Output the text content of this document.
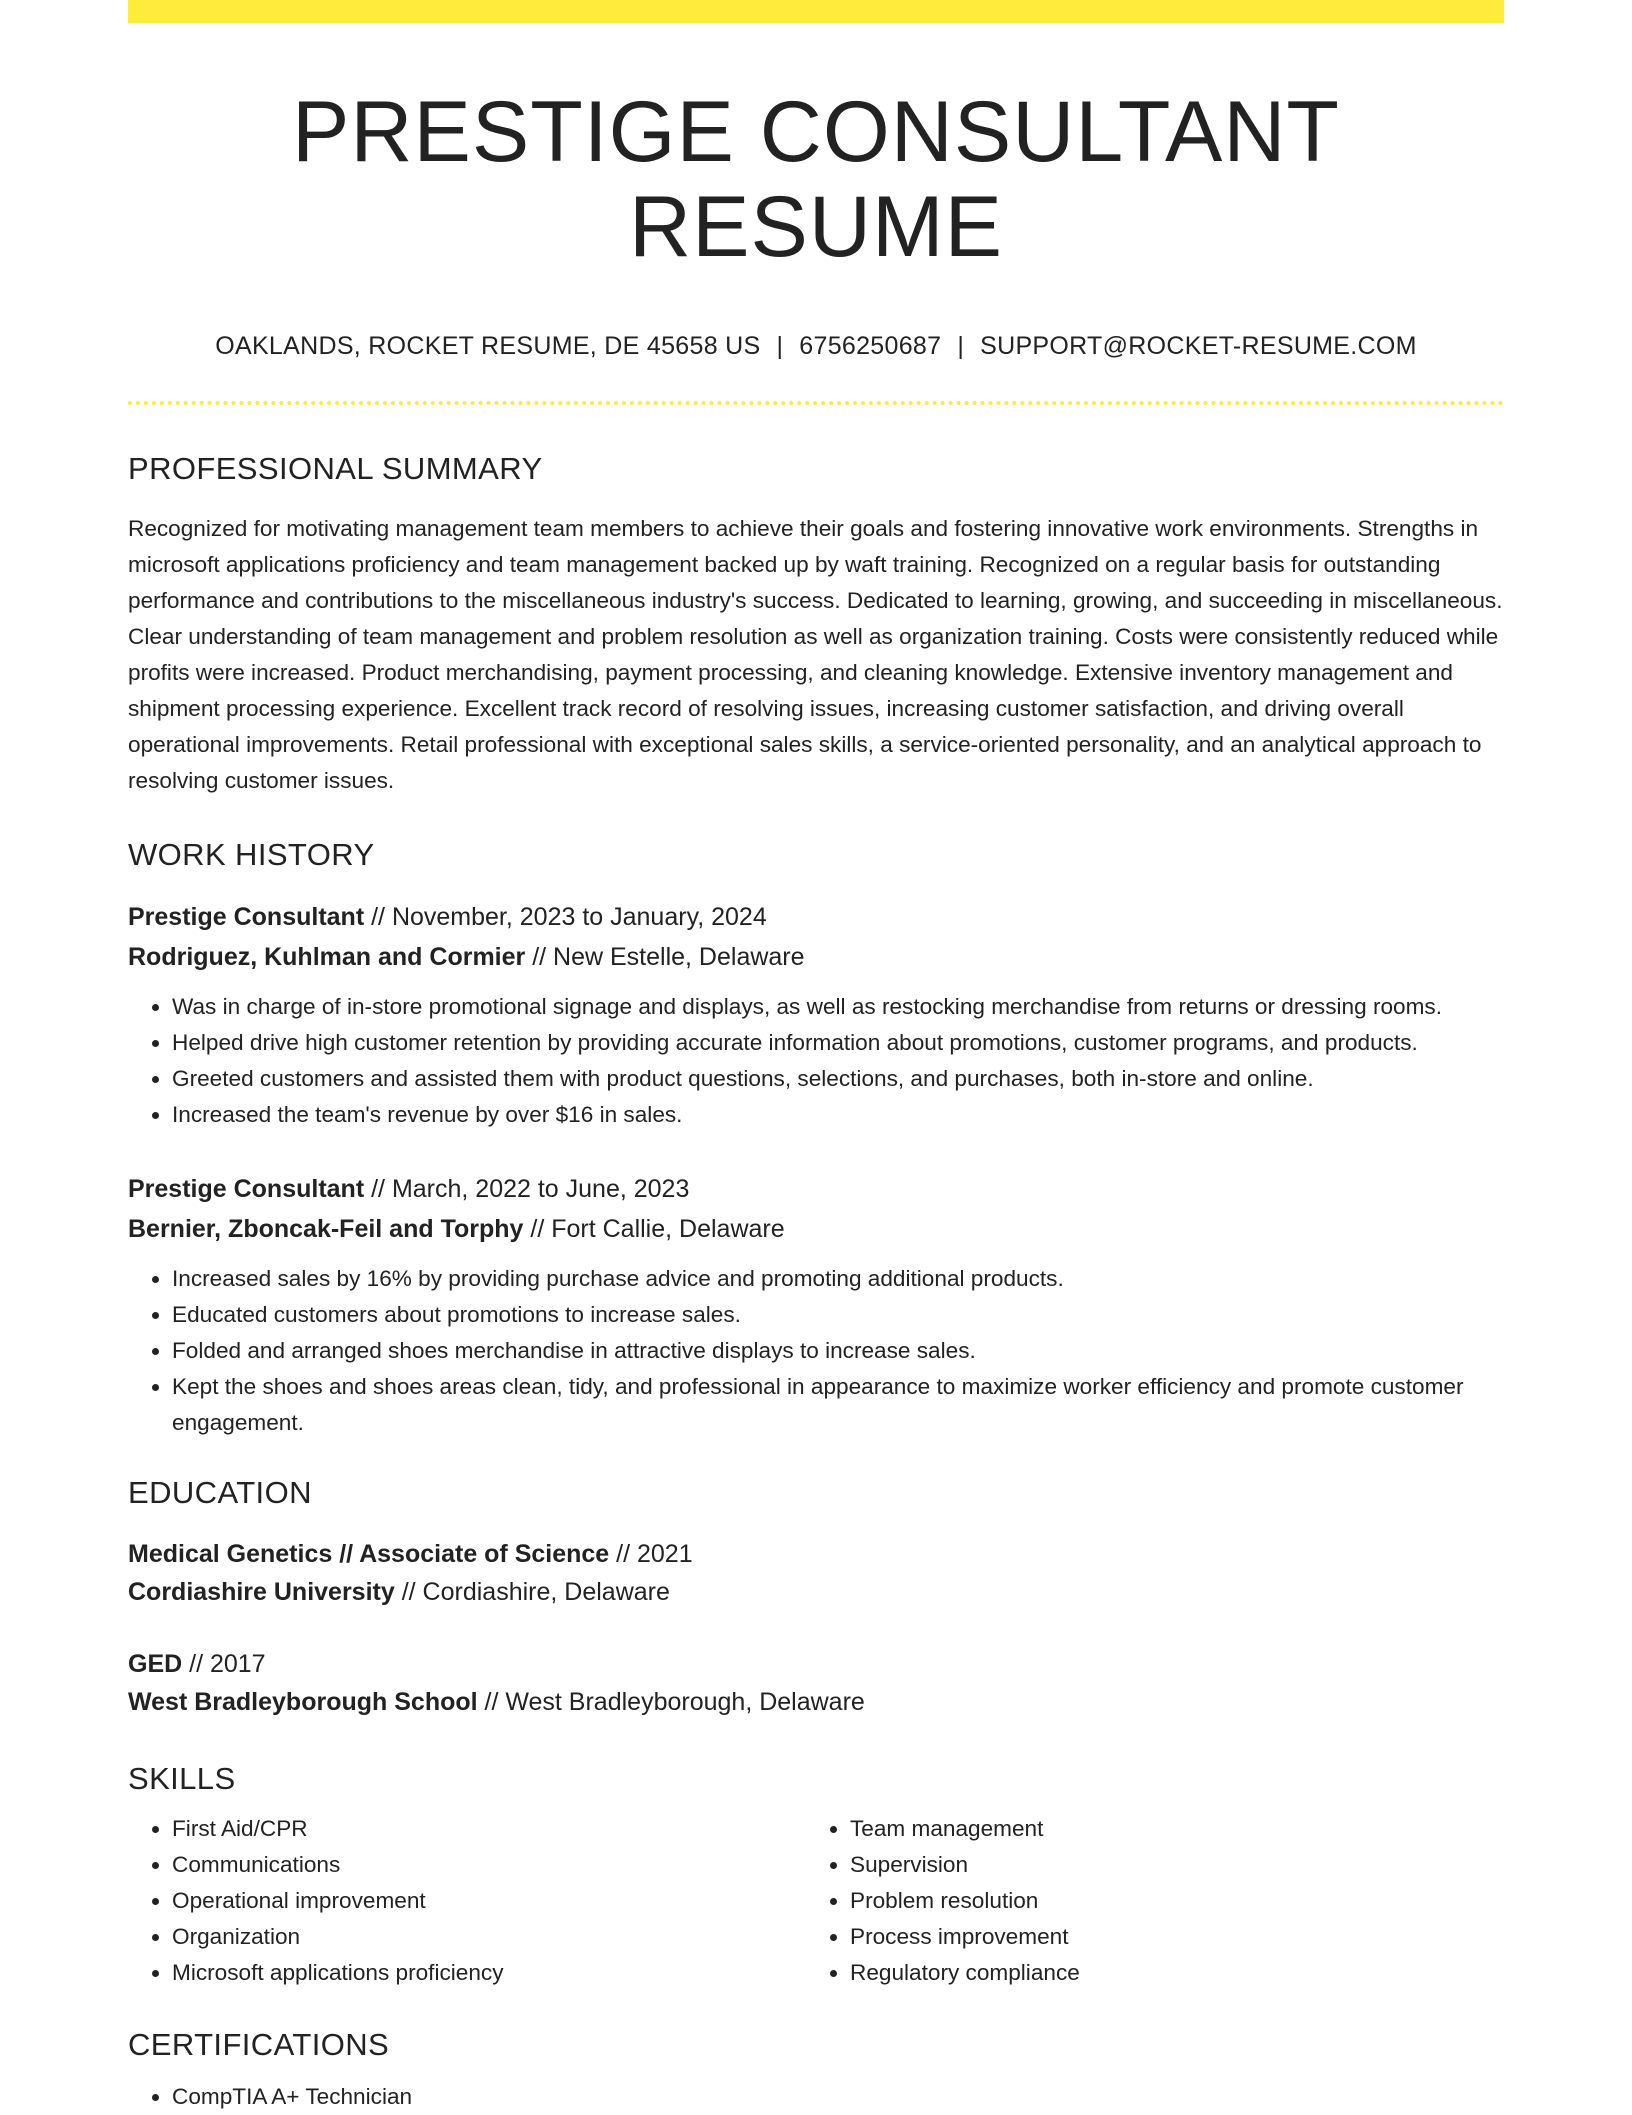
PRESTIGE CONSULTANT RESUME
OAKLANDS, ROCKET RESUME, DE 45658 US | 6756250687 | SUPPORT@ROCKET-RESUME.COM
PROFESSIONAL SUMMARY
Recognized for motivating management team members to achieve their goals and fostering innovative work environments. Strengths in microsoft applications proficiency and team management backed up by waft training. Recognized on a regular basis for outstanding performance and contributions to the miscellaneous industry's success. Dedicated to learning, growing, and succeeding in miscellaneous. Clear understanding of team management and problem resolution as well as organization training. Costs were consistently reduced while profits were increased. Product merchandising, payment processing, and cleaning knowledge. Extensive inventory management and shipment processing experience. Excellent track record of resolving issues, increasing customer satisfaction, and driving overall operational improvements. Retail professional with exceptional sales skills, a service-oriented personality, and an analytical approach to resolving customer issues.
WORK HISTORY
Prestige Consultant // November, 2023 to January, 2024
Rodriguez, Kuhlman and Cormier // New Estelle, Delaware
• Was in charge of in-store promotional signage and displays, as well as restocking merchandise from returns or dressing rooms.
• Helped drive high customer retention by providing accurate information about promotions, customer programs, and products.
• Greeted customers and assisted them with product questions, selections, and purchases, both in-store and online.
• Increased the team's revenue by over $16 in sales.
Prestige Consultant // March, 2022 to June, 2023
Bernier, Zboncak-Feil and Torphy // Fort Callie, Delaware
• Increased sales by 16% by providing purchase advice and promoting additional products.
• Educated customers about promotions to increase sales.
• Folded and arranged shoes merchandise in attractive displays to increase sales.
• Kept the shoes and shoes areas clean, tidy, and professional in appearance to maximize worker efficiency and promote customer engagement.
EDUCATION
Medical Genetics // Associate of Science // 2021
Cordiashire University // Cordiashire, Delaware
GED // 2017
West Bradleyborough School // West Bradleyborough, Delaware
SKILLS
• First Aid/CPR
• Communications
• Operational improvement
• Organization
• Microsoft applications proficiency
• Team management
• Supervision
• Problem resolution
• Process improvement
• Regulatory compliance
CERTIFICATIONS
• CompTIA A+ Technician
